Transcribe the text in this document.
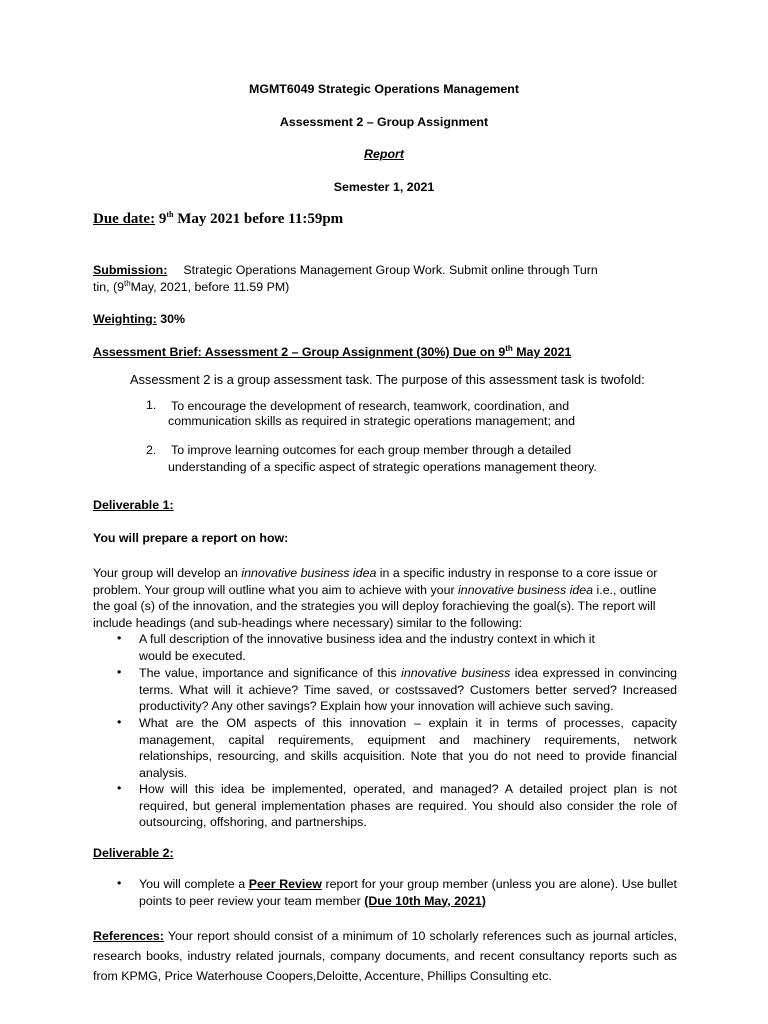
MGMT6049 Strategic Operations Management
Assessment 2 – Group Assignment
Report
Semester 1, 2021
Due date: 9th May 2021 before 11:59pm
Submission: Strategic Operations Management Group Work. Submit online through Turn
tin, (9thMay, 2021, before 11.59 PM)
Weighting: 30%
Assessment Brief: Assessment 2 – Group Assignment (30%) Due on 9th May 2021
Assessment 2 is a group assessment task. The purpose of this assessment task is twofold:
1. To encourage the development of research, teamwork, coordination, and
communication skills as required in strategic operations management; and
2. To improve learning outcomes for each group member through a detailed
understanding of a specific aspect of strategic operations management theory.
Deliverable 1:
You will prepare a report on how:
Your group will develop an innovative business idea in a specific industry in response to a core issue or problem. Your group will outline what you aim to achieve with your innovative business idea i.e., outline the goal (s) of the innovation, and the strategies you will deploy forachieving the goal(s). The report will include headings (and sub-headings where necessary) similar to the following:
• A full description of the innovative business idea and the industry context in which it would be executed.
• The value, importance and significance of this innovative business idea expressed in convincing terms. What will it achieve? Time saved, or costssaved? Customers better served? Increased productivity? Any other savings? Explain how your innovation will achieve such saving.
• What are the OM aspects of this innovation – explain it in terms of processes, capacity management, capital requirements, equipment and machinery requirements, network relationships, resourcing, and skills acquisition. Note that you do not need to provide financial analysis.
• How will this idea be implemented, operated, and managed? A detailed project plan is not required, but general implementation phases are required. You should also consider the role of outsourcing, offshoring, and partnerships.
Deliverable 2:
• You will complete a Peer Review report for your group member (unless you are alone). Use bullet points to peer review your team member (Due 10th May, 2021)
References: Your report should consist of a minimum of 10 scholarly references such as journal articles, research books, industry related journals, company documents, and recent consultancy reports such as from KPMG, Price Waterhouse Coopers,Deloitte, Accenture, Phillips Consulting etc.
